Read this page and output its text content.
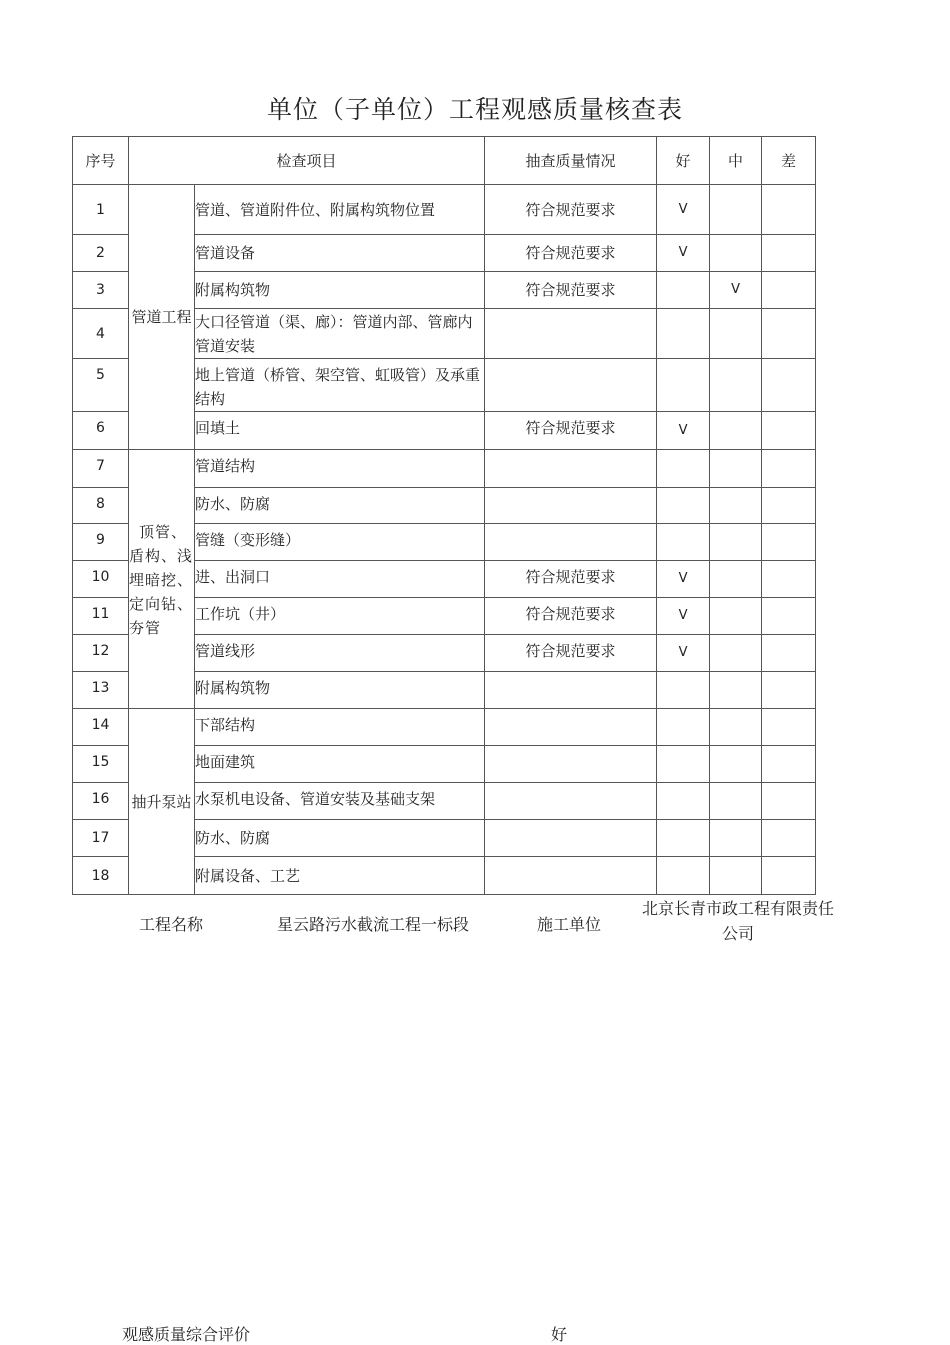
单位（子单位）工程观感质量核查表
序号	检查项目		抽查质量情况	好	中	差
1	管道工程	管道、管道附件位、附属构筑物位置	符合规范要求	V		
2		管道设备	符合规范要求	V		
3		附属构筑物	符合规范要求		V	
4		大口径管道（渠、廊）：管道内部、管廊内管道安装				
5		地上管道（桥管、架空管、虹吸管）及承重结构				
6		回填土	符合规范要求	V		
7	顶管、盾构、浅埋暗挖、定向钻、夯管	管道结构				
8		防水、防腐				
9		管缝（变形缝）				
10		进、出洞口	符合规范要求	V		
11		工作坑（井）	符合规范要求	V		
12		管道线形	符合规范要求	V		
13		附属构筑物				
14	抽升泵站	下部结构				
15		地面建筑				
16		水泵机电设备、管道安装及基础支架				
17		防水、防腐				
18		附属设备、工艺				
工程名称	星云路污水截流工程一标段	施工单位
北京长青市政工程有限责任公司
观感质量综合评价	好
